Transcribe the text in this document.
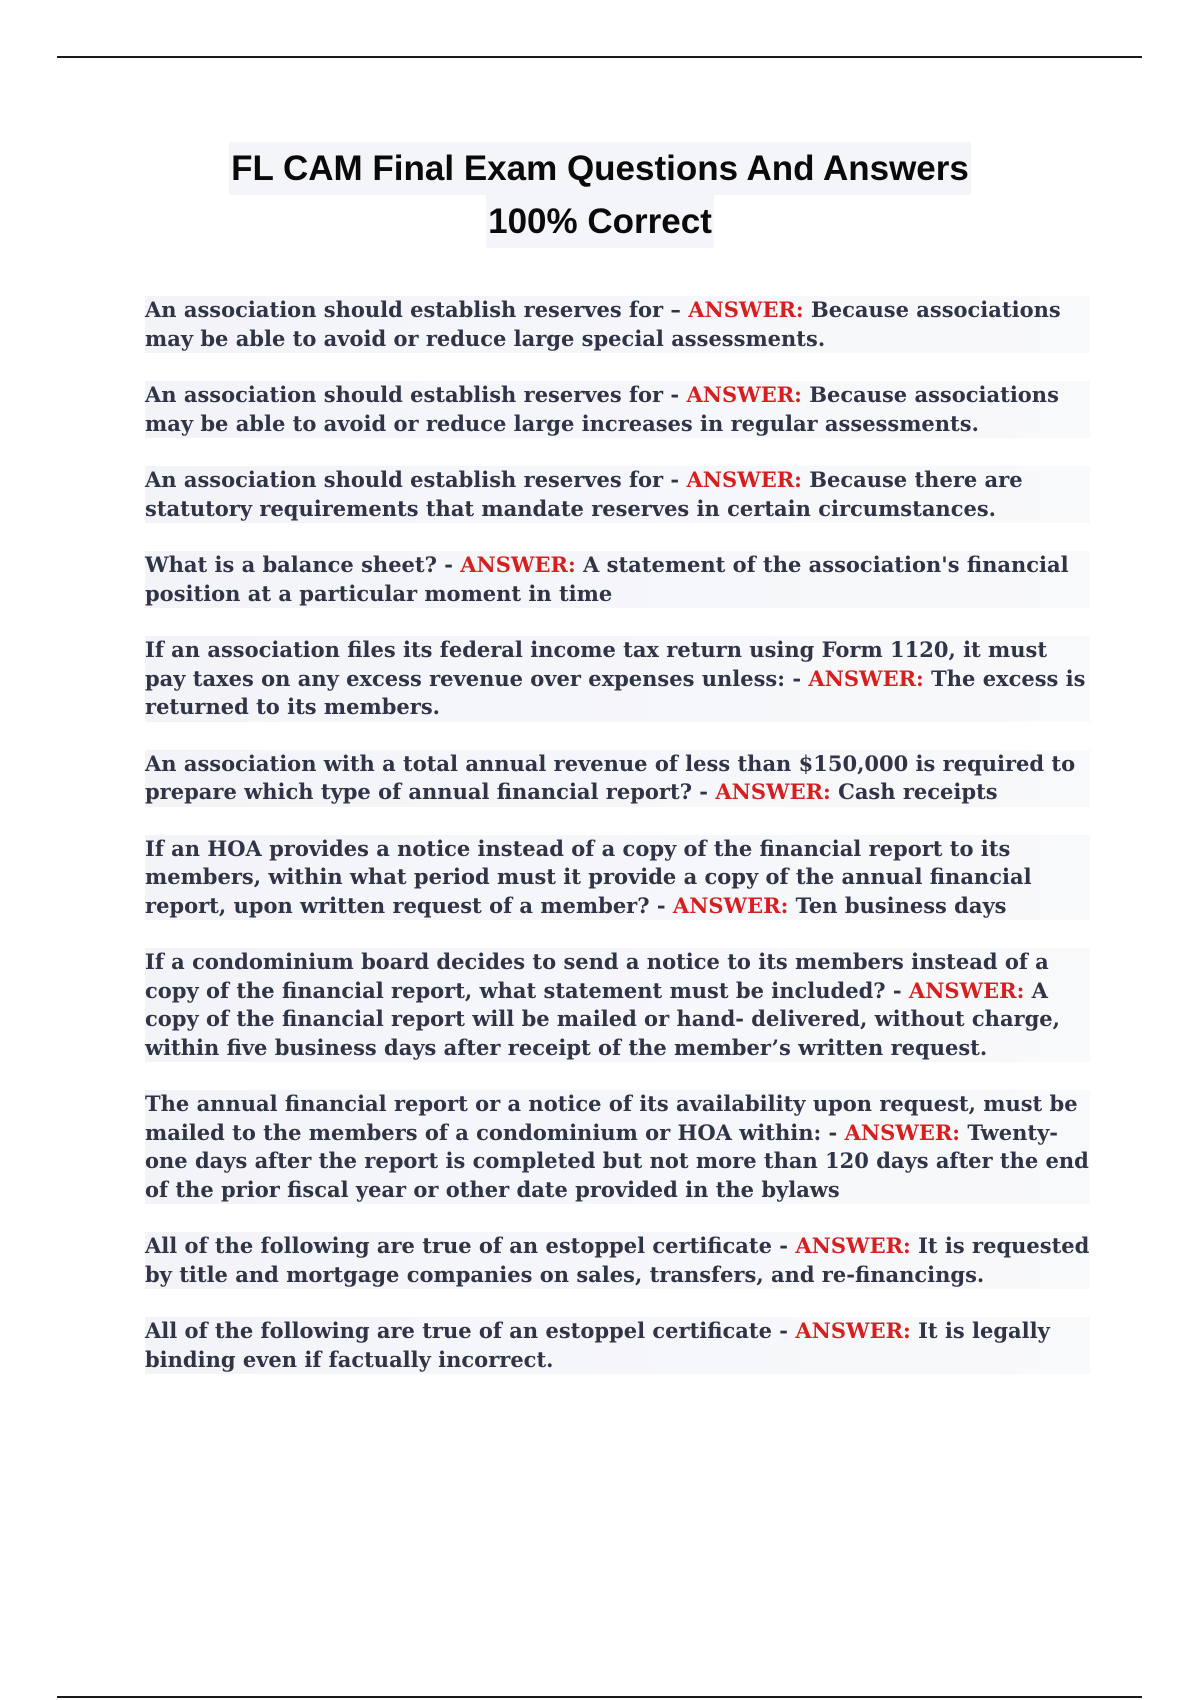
FL CAM Final Exam Questions And Answers
100% Correct
An association should establish reserves for – ANSWER: Because associations may be able to avoid or reduce large special assessments.
An association should establish reserves for - ANSWER: Because associations may be able to avoid or reduce large increases in regular assessments.
An association should establish reserves for - ANSWER: Because there are statutory requirements that mandate reserves in certain circumstances.
What is a balance sheet? - ANSWER: A statement of the association's financial position at a particular moment in time
If an association files its federal income tax return using Form 1120, it must pay taxes on any excess revenue over expenses unless: - ANSWER: The excess is returned to its members.
An association with a total annual revenue of less than $150,000 is required to prepare which type of annual financial report? - ANSWER: Cash receipts
If an HOA provides a notice instead of a copy of the financial report to its members, within what period must it provide a copy of the annual financial report, upon written request of a member? - ANSWER: Ten business days
If a condominium board decides to send a notice to its members instead of a copy of the financial report, what statement must be included? - ANSWER: A copy of the financial report will be mailed or hand- delivered, without charge, within five business days after receipt of the member’s written request.
The annual financial report or a notice of its availability upon request, must be mailed to the members of a condominium or HOA within: - ANSWER: Twenty-one days after the report is completed but not more than 120 days after the end of the prior fiscal year or other date provided in the bylaws
All of the following are true of an estoppel certificate - ANSWER: It is requested by title and mortgage companies on sales, transfers, and re-financings.
All of the following are true of an estoppel certificate - ANSWER: It is legally binding even if factually incorrect.
